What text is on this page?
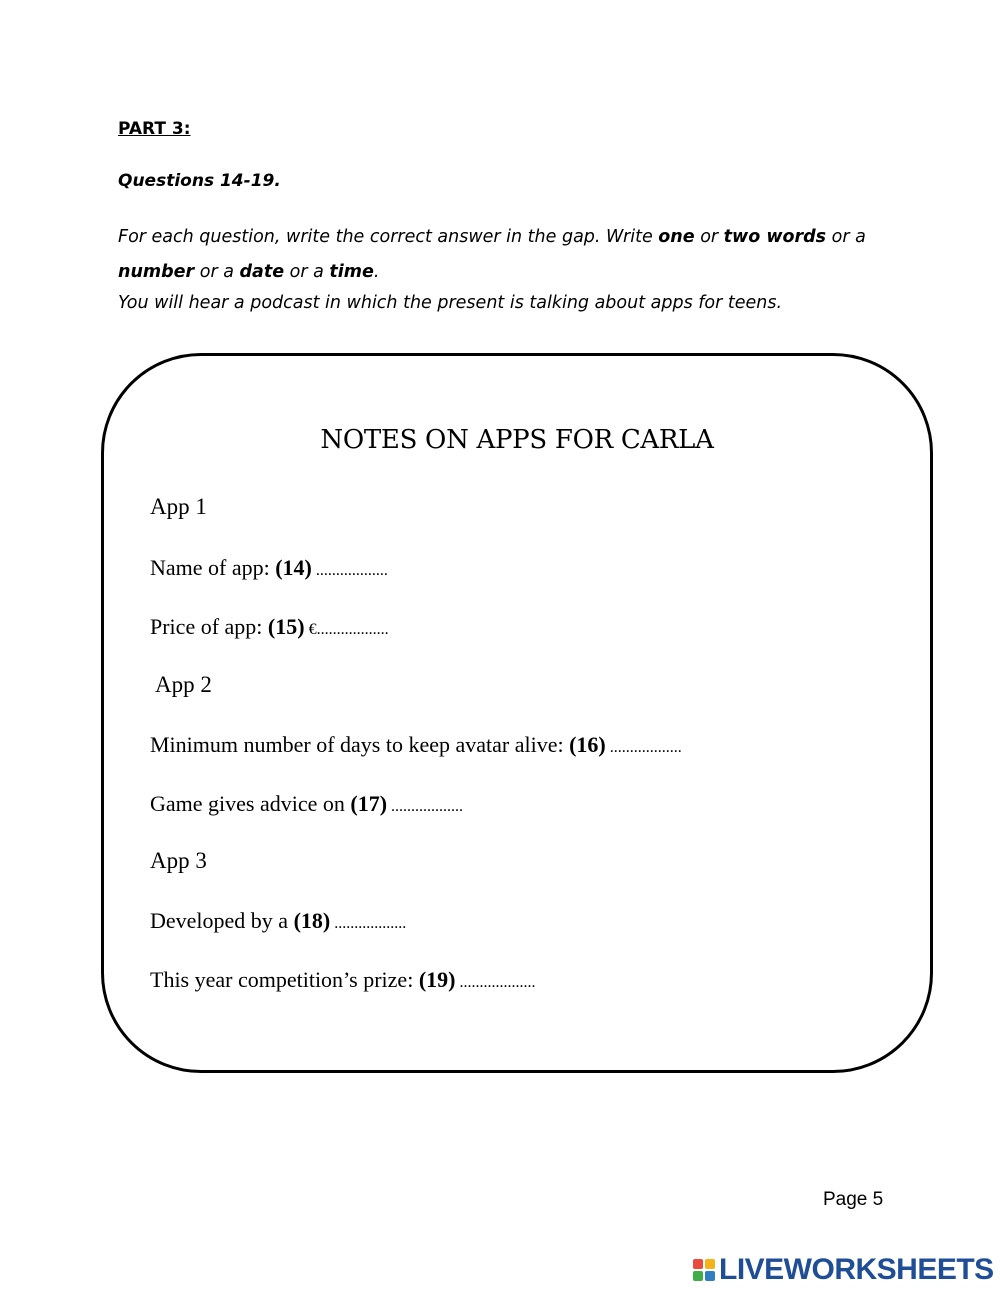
PART 3:

Questions 14-19.

For each question, write the correct answer in the gap. Write one or two words or a
number or a date or a time.

You will hear a podcast in which the present is talking about apps for teens.

NOTES ON APPS FOR CARLA

App 1

Name of app: (14) ..................

Price of app: (15) €..................

App 2

Minimum number of days to keep avatar alive: (16) ..................

Game gives advice on (17) ..................

App 3

Developed by a (18) ..................

This year competition’s prize: (19) ...................

Page 5

LIVEWORKSHEETS
